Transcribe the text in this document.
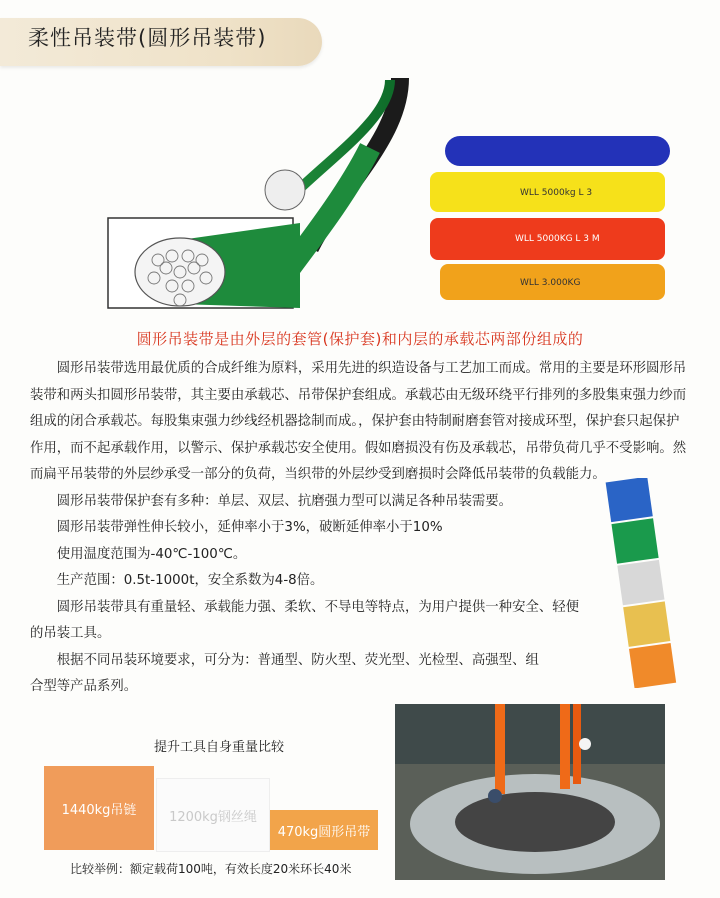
柔性吊装带(圆形吊装带)
WLL 5000kg L 3
WLL 5000KG L 3 M
WLL 3.000KG
圆形吊装带是由外层的套管(保护套)和内层的承载芯两部份组成的

圆形吊装带选用最优质的合成纤维为原料，采用先进的织造设备与工艺加工而成。常用的主要是环形圆形吊装带和两头扣圆形吊装带，其主要由承载芯、吊带保护套组成。承载芯由无级环绕平行排列的多股集束强力纱而组成的闭合承载芯。每股集束强力纱线经机器捻制而成。，保护套由特制耐磨套管对接成环型，保护套只起保护作用，而不起承载作用，以警示、保护承载芯安全使用。假如磨损没有伤及承载芯，吊带负荷几乎不受影响。然而扁平吊装带的外层纱承受一部分的负荷，当织带的外层纱受到磨损时会降低吊装带的负载能力。

圆形吊装带保护套有多种：单层、双层、抗磨强力型可以满足各种吊装需要。

圆形吊装带弹性伸长较小，延伸率小于3%，破断延伸率小于10%

使用温度范围为-40℃-100℃。

生产范围：0.5t-1000t，安全系数为4-8倍。

圆形吊装带具有重量轻、承载能力强、柔软、不导电等特点，为用户提供一种安全、轻便的吊装工具。

根据不同吊装环境要求，可分为：普通型、防火型、荧光型、光检型、高强型、组合型等产品系列。

提升工具自身重量比较
1440kg吊链	1200kg钢丝绳
470kg圆形吊带
比较举例：额定载荷100吨，有效长度20米环长40米
